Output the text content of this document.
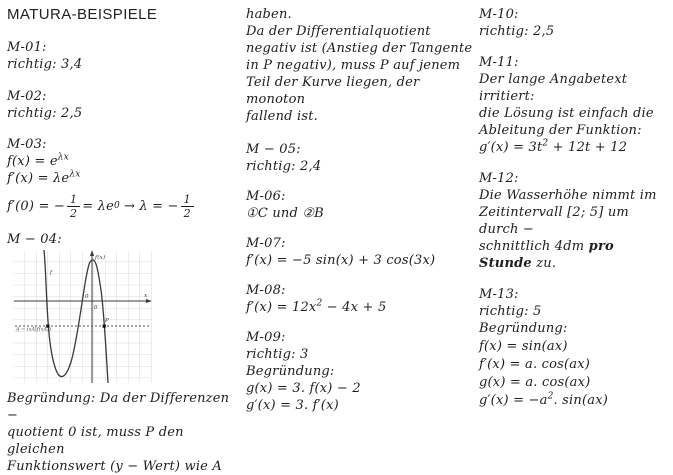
MATURA-BEISPIELE
M-01:
richtig: 3,4
M-02:
richtig: 2,5
M-03:
$f(x) = e^{\lambda x}$
$f'(x) = \lambda e^{\lambda x}$
f′(0) = − $\frac{1}{2} = \lambda e$ 0 → λ = − $\frac{1}{2}$
M − 04:
f(x)
x
0
0
f
P
A = (xA|f(xA))
Begründung: Da der Differenzen −
quotient 0 ist, muss P den gleichen
Funktionswert (y − Wert) wie A
haben.
Da der Differentialquotient
negativ ist (Anstieg der Tangente
in P negativ), muss P auf jenem
Teil der Kurve liegen, der monoton
fallend ist.
M − 05:
richtig: 2,4
M-06:
①C und ②B
M-07:
f′(x) = −5 sin(x) + 3 cos(3x)
M-08:
$f'(x) = 12x^2 - 4x + 5$
M-09:
richtig: 3
Begründung:
g(x) = 3. f(x) − 2
g′(x) = 3. f′(x)
M-10:
richtig: 2,5
M-11:
Der lange Angabetext irritiert:
die Lösung ist einfach die
Ableitung der Funktion:
$g'(x) = 3t^2 + 12t + 12$
M-12:
Die Wasserhöhe nimmt im
Zeitintervall [2; 5] um durch −
schnittlich 4dm pro Stunde zu.
M-13:
richtig: 5
Begründung:
f(x) = sin(ax)
f′(x) = a. cos(ax)
g(x) = a. cos(ax)
$g'(x) = -a^2$. sin(ax)
